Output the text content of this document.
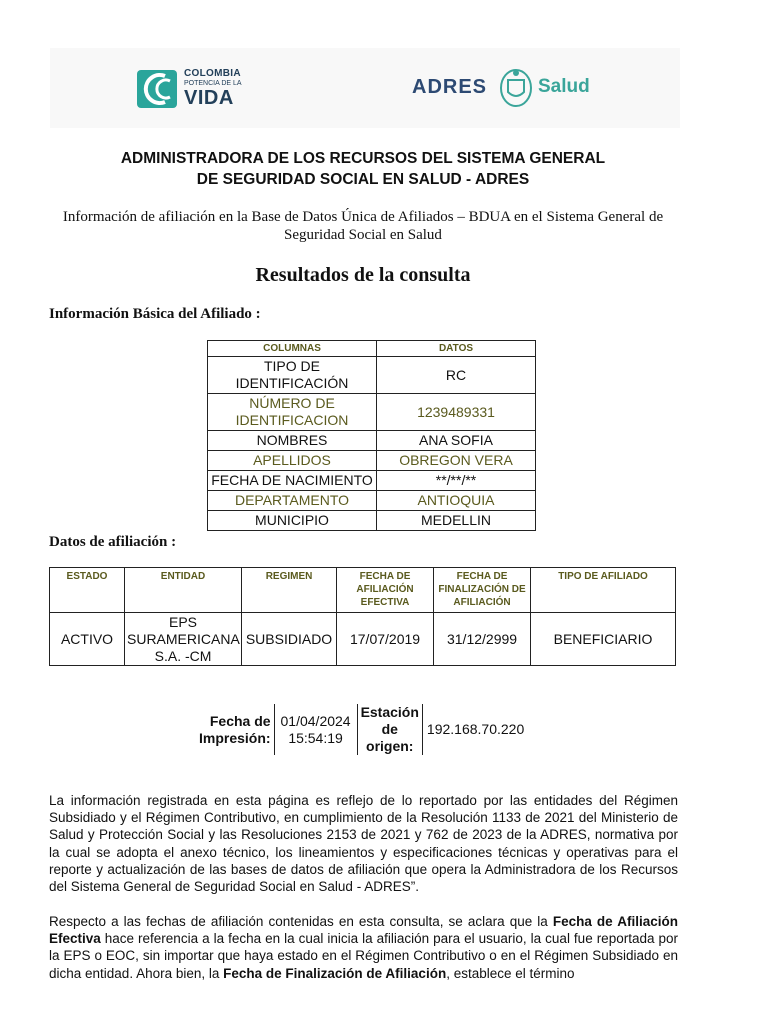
COLOMBIA
POTENCIA DE LA
VIDA	ADRES	Salud
ADMINISTRADORA DE LOS RECURSOS DEL SISTEMA GENERAL
DE SEGURIDAD SOCIAL EN SALUD - ADRES
Información de afiliación en la Base de Datos Única de Afiliados – BDUA en el Sistema General de Seguridad Social en Salud
Resultados de la consulta
Información Básica del Afiliado :
COLUMNAS	DATOS
TIPO DE IDENTIFICACIÓN	RC
NÚMERO DE IDENTIFICACION	1239489331
NOMBRES	ANA SOFIA
APELLIDOS	OBREGON VERA
FECHA DE NACIMIENTO	**/**/**
DEPARTAMENTO	ANTIOQUIA
MUNICIPIO	MEDELLIN
Datos de afiliación :
ESTADO	ENTIDAD	REGIMEN	FECHA DE AFILIACIÓN EFECTIVA	FECHA DE FINALIZACIÓN DE AFILIACIÓN	TIPO DE AFILIADO
ACTIVO	EPS SURAMERICANA S.A. -CM	SUBSIDIADO	17/07/2019	31/12/2999	BENEFICIARIO
Fecha de Impresión:	01/04/2024 15:54:19	Estación de origen:	192.168.70.220
La información registrada en esta página es reflejo de lo reportado por las entidades del Régimen Subsidiado y el Régimen Contributivo, en cumplimiento de la Resolución 1133 de 2021 del Ministerio de Salud y Protección Social y las Resoluciones 2153 de 2021 y 762 de 2023 de la ADRES, normativa por la cual se adopta el anexo técnico, los lineamientos y especificaciones técnicas y operativas para el reporte y actualización de las bases de datos de afiliación que opera la Administradora de los Recursos del Sistema General de Seguridad Social en Salud - ADRES”.
Respecto a las fechas de afiliación contenidas en esta consulta, se aclara que la Fecha de Afiliación Efectiva hace referencia a la fecha en la cual inicia la afiliación para el usuario, la cual fue reportada por la EPS o EOC, sin importar que haya estado en el Régimen Contributivo o en el Régimen Subsidiado en dicha entidad. Ahora bien, la Fecha de Finalización de Afiliación, establece el término
